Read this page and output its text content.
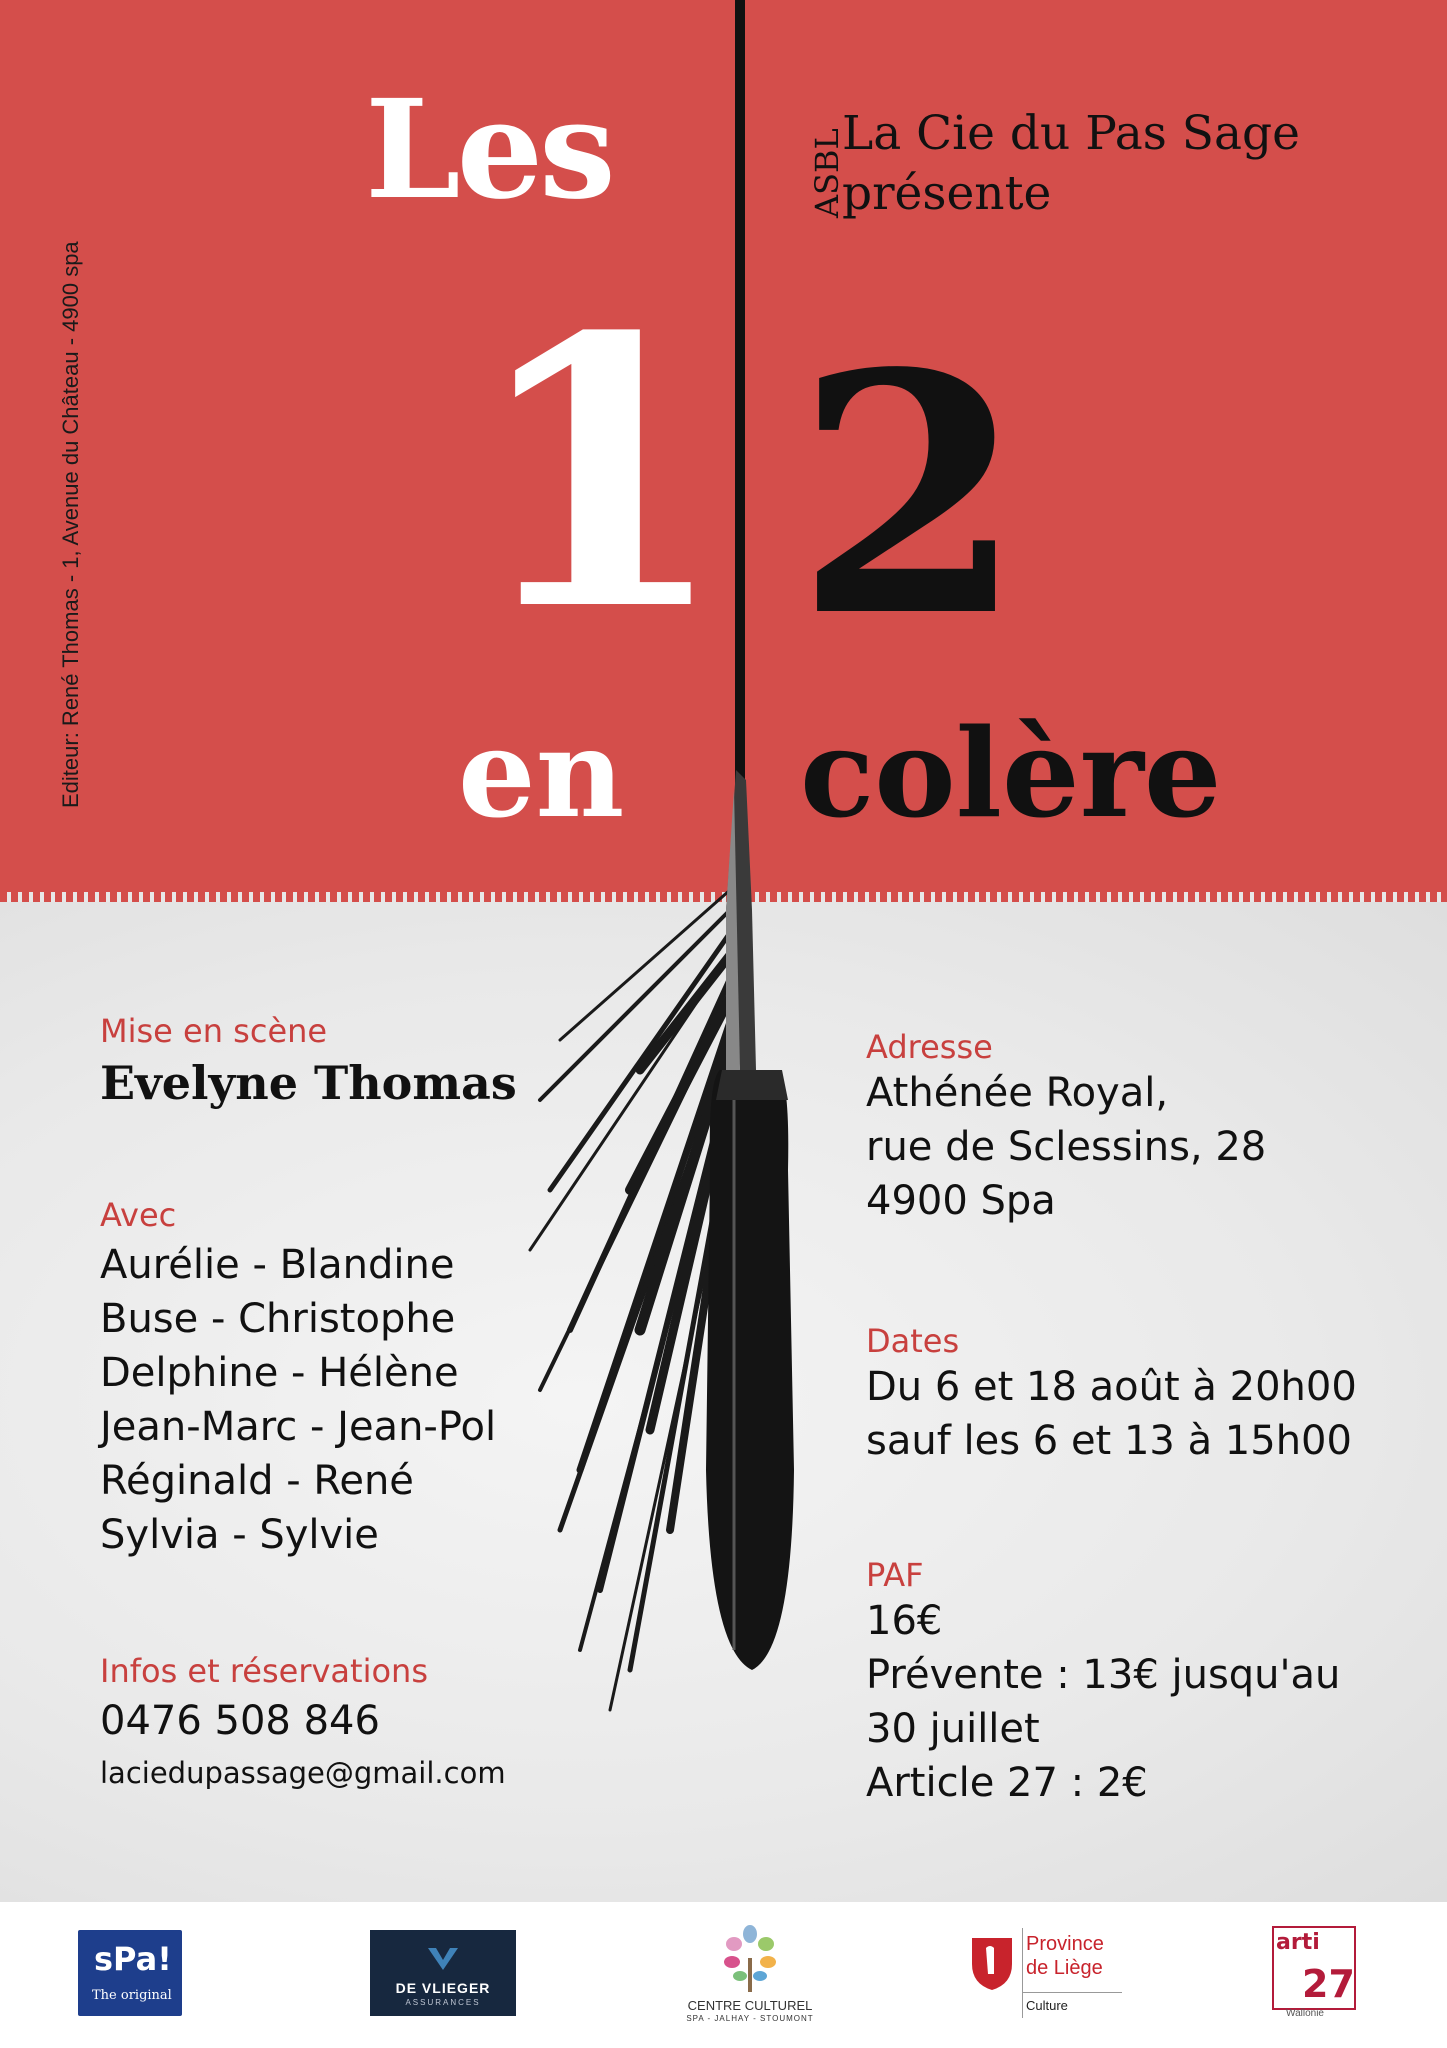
Editeur: René Thomas - 1, Avenue du Château - 4900 spa
Les
1 2
en colère
ASBL
La Cie du Pas Sage
présente
Mise en scène
Evelyne Thomas
Avec
Aurélie - Blandine
Buse - Christophe
Delphine - Hélène
Jean-Marc - Jean-Pol
Réginald - René
Sylvia - Sylvie
Infos et réservations
0476 508 846
laciedupassage@gmail.com
Adresse
Athénée Royal,
rue de Sclessins, 28
4900 Spa
Dates
Du 6 et 18 août à 20h00
sauf les 6 et 13 à 15h00
PAF
16€
Prévente : 13€ jusqu'au
30 juillet
Article 27 : 2€
sPa!
The original	DE VLIEGER
ASSURANCES	CENTRE CULTUREL
SPA - JALHAY - STOUMONT
Province
de Liège
Culture
arti
27
Wallonie
